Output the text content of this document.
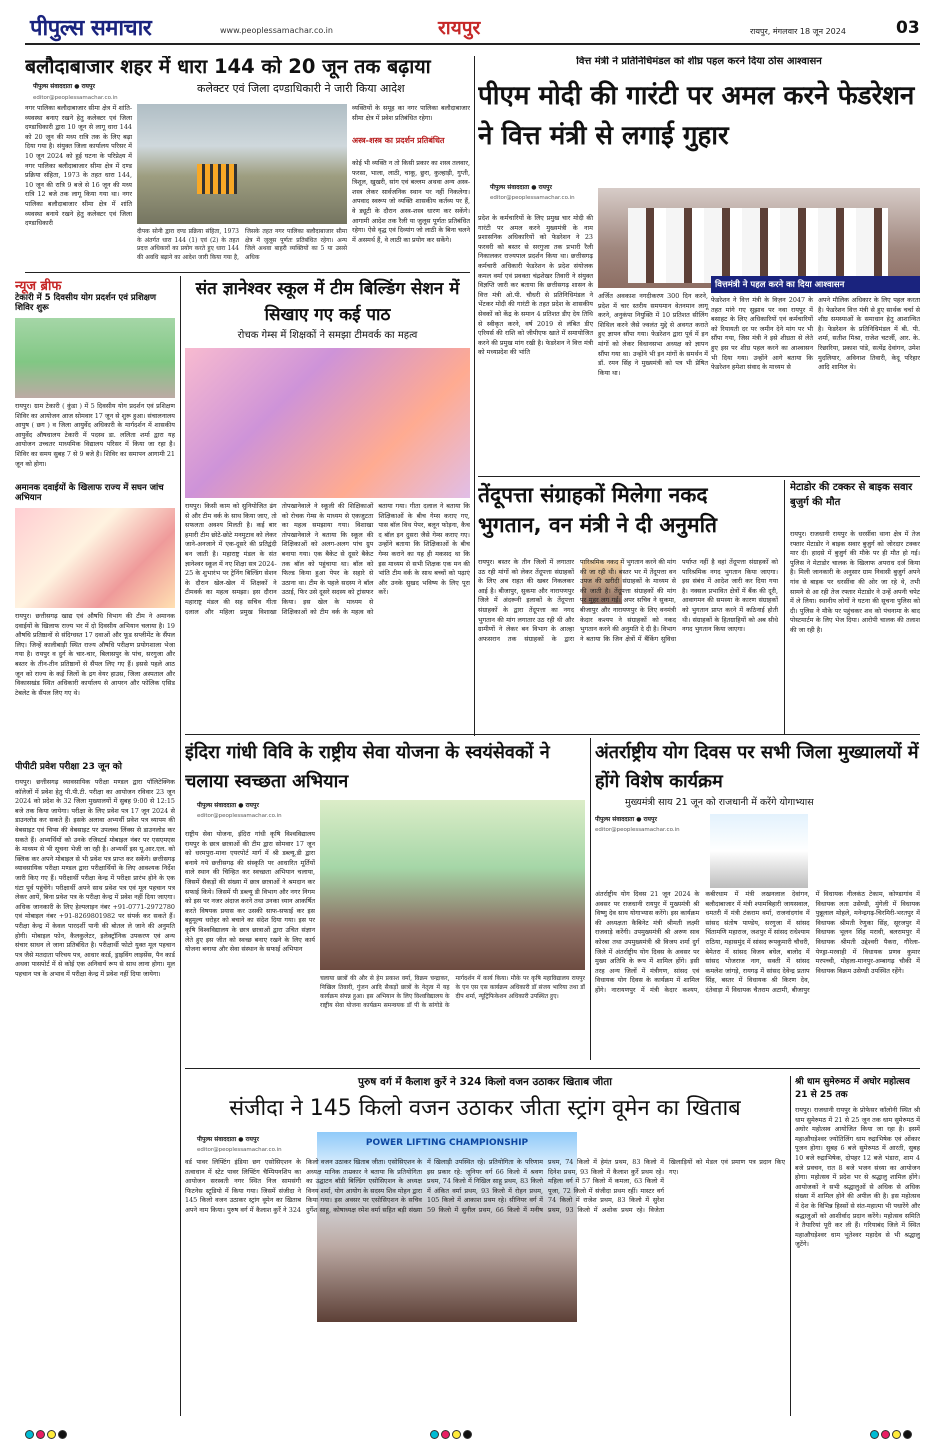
पीपुल्स समाचार	www.peoplessamachar.co.in	रायपुर	रायपुर, मंगलवार 18 जून 2024	03
बलौदाबाजार शहर में धारा 144 को 20 जून तक बढ़ाया
कलेक्टर एवं जिला दण्डाधिकारी ने जारी किया आदेश
पीपुल्स संवाददाता ● रायपुर
editor@peoplessamachar.co.in
नगर पालिका बलौदाबाजार सीमा क्षेत्र में शांति-व्यवस्था बनाए रखने हेतु कलेक्टर एवं जिला दण्डाधिकारी द्वारा 10 जून से लागू धारा 144 को 20 जून की मध्य रात्रि तक के लिए बढ़ा दिया गया है। संयुक्त जिला कार्यालय परिसर में 10 जून 2024 को हुई घटना के परिप्रेक्ष्य में नगर पालिका बलौदाबाजार सीमा क्षेत्र में दण्ड प्रक्रिया संहिता, 1973 के तहत धारा 144, 10 जून की रात्रि 9 बजे से 16 जून की मध्य रात्रि 12 बजे तक लागू किया गया था। नगर पालिका बलौदाबाजार सीमा क्षेत्र में शांति व्यवस्था बनाये रखने हेतु कलेक्टर एवं जिला दण्डाधिकारी
दीपक सोनी द्वारा दण्ड प्रक्रिया संहिता, 1973 के अंतर्गत धारा 144 (1) एवं (2) के तहत प्रदत्त अधिकारों का प्रयोग करते हुए धारा 144 की अवधि बढ़ाने का आदेश जारी किया गया है, जिसके तहत नगर पालिका बलौदाबाजार सीमा क्षेत्र में जुलूस पूर्णतः प्रतिबंधित रहेगा। अन्य जिले अथवा बाहरी व्यक्तियों का 5 या उससे अधिक
व्यक्तियों के समूह का नगर पालिका बलौदाबाजार सीमा क्षेत्र में प्रवेश प्रतिबंधित रहेगा।
अस्त्र-शस्त्र का प्रदर्शन प्रतिबंधित
कोई भी व्यक्ति न तो किसी प्रकार का शस्त्र तलवार, फरसा, भाला, लाठी, चाकू, छुरा, कुल्हाड़ी, गुप्ती, त्रिशूल, खुखरी, सांग एवं बल्लम अथवा अन्य अस्त्र-शस्त्र लेकर सार्वजनिक स्थान पर नहीं निकलेगा। अपवाद स्वरूप जो व्यक्ति शासकीय कर्तव्य पर हैं, वे ड्यूटी के दौरान अस्त्र-शस्त्र धारण कर सकेंगे। आगामी आदेश तक रैली या जुलूस पूर्णतः प्रतिबंधित रहेगा। ऐसे वृद्ध एवं दिव्यांग जो लाठी के बिना चलने में असमर्थ हैं, वे लाठी का प्रयोग कर सकेंगे।
वित्त मंत्री ने प्रतिनिधिमंडल को शीघ्र पहल करने दिया ठोस आश्वासन
पीएम मोदी की गारंटी पर अमल करने फेडरेशन ने वित्त मंत्री से लगाई गुहार
पीपुल्स संवाददाता ● रायपुर
editor@peoplessamachar.co.in
प्रदेश के कर्मचारियों के लिए प्रमुख चार मोदी की गारंटी पर अमल करने मुख्यमंत्री के नाम प्रशासनिक अधिकारियों को फेडरेशन ने 23 फरवरी को बस्तर से सरगुजा तक प्रभारी रैली निकालकर राज्यपाल प्रदर्शन किया था। छत्तीसगढ़ कर्मचारी अधिकारी फेडरेशन के प्रदेश संयोजक कमल वर्मा एवं प्रवक्ता चंद्रशेखर तिवारी ने संयुक्त विज्ञप्ति जारी कर बताया कि छत्तीसगढ़ शासन के वित्त मंत्री ओ.पी. चौधरी से प्रतिनिधिमंडल ने भेंटकर मोदी की गारंटी के तहत प्रदेश के शासकीय सेवकों को केंद्र के समान 4 प्रतिशत डीए देय तिथि से स्वीकृत करने, वर्ष 2019 से लंबित डीए एरियर्स की राशि को जीपीएफ खाते में समायोजित करने की प्रमुख मांग रखी है। फेडरेशन ने वित्त मंत्री को मध्यप्रदेश की भांति
अर्जित अवकाश नगदीकरण 300 दिन करने, प्रदेश में चार स्तरीय समयमान वेतनमान लागू करने, अनुकंपा नियुक्ति में 10 प्रतिशत सीलिंग शिथिल करने जैसे ज्वलंत मुद्दे से अवगत कराते हुए ज्ञापन सौंपा गया। फेडरेशन द्वारा पूर्व में इन मांगों को लेकर विधानसभा अध्यक्ष को ज्ञापन सौंपा गया था। उन्होंने भी इन मांगों के समर्थन में डॉ. रमन सिंह ने मुख्यमंत्री को पत्र भी प्रेषित किया था।
वित्तमंत्री ने पहल करने का दिया आश्वासन
फेडरेशन ने वित्त मंत्री के विज़न 2047 के तहत मांगे गए सुझाव पर नवा रायपुर में बसाहट के लिए अधिकारियों एवं कर्मचारियों को रियायती दर पर जमीन देने मांग पर भी सौंपा गया, जिस मंत्री ने इसे शीघ्रता से लेते हुए इस पर शीघ्र पहल करने का आश्वासन भी दिया गया। उन्होंने आगे बताया कि फेडरेशन हमेशा संवाद के माध्यम से
अपने मौलिक अधिकार के लिए पहल करता है। फेडरेशन वित्त मंत्री से हुए सार्थक चर्चा से शीघ्र समस्याओं के समाधान हेतु आशान्वित है। फेडरेशन के प्रतिनिधिमंडल में बी. पी. शर्मा, सतीश मिश्रा, राजेश चटर्जी, आर. के. रिछारिया, प्रकाश पांडे, सत्येंद्र देवांगन, उमेश मुदलियार, अविनाश तिवारी, केदू परिहार आदि शामिल थे।
न्यूज ब्रीफ
टेकारी में 5 दिवसीय योग प्रदर्शन एवं प्रशिक्षण शिविर शुरू
रायपुर। ग्राम टेकारी ( कुंडा ) में 5 दिवसीय योग प्रदर्शन एवं प्रशिक्षण शिविर का आयोजन आज सोमवार 17 जून से शुरू हुआ। संचालनालय आयुष ( छग ) व जिला आयुर्वेद अधिकारी के मार्गदर्शन में शासकीय आयुर्वेद औषधालय टेकारी में पदस्थ डा. ललिता शर्मा द्वारा यह आयोजन उच्चतर माध्यमिक विद्यालय परिसर में किया जा रहा है। शिविर का समय सुबह 7 से 9 बजे है। शिविर का समापन आगामी 21 जून को होगा।
अमानक दवाईयों के खिलाफ राज्य में सघन जांच अभियान
रायपुर। छत्तीसगढ़ खाद्य एवं औषधि विभाग की टीम ने अमानक दवाईयों के खिलाफ राज्य भर में दो दिवसीय अभियान चलाया है। 19 औषधि प्रतिष्ठानों से संदिग्धस्त 17 दवाओं और फूड सप्लीमेंट के सैंपल लिए। जिन्हें कालीबाड़ी स्थित राज्य औषधि परीक्षण प्रयोगशाला भेजा गया है। रायपुर व दुर्ग के चार-चार, बिलासपुर के पांच, सरगुजा और बस्तर के तीन-तीन प्रतिष्ठानों से सैंपल लिए गए हैं। इससे पहले आठ जून को राज्य के कई जिलों के द्रग वेयर हाउस, जिला अस्पताल और विकासखंड स्थित अधिकारी कार्यालय से आयरन और फोलिक एसिड टेबलेट के सैंपल लिए गए थे।
पीपीटी प्रवेश परीक्षा 23 जून को
रायपुर। छत्तीसगढ़ व्यावसायिक परीक्षा मण्डल द्वारा पॉलिटेक्निक कॉलेजों में प्रवेश हेतु पी.पी.टी. परीक्षा का आयोजन रविवार 23 जून 2024 को प्रदेश के 32 जिला मुख्यालयों में सुबह 9:00 से 12:15 बजे तक किया जायेगा। परीक्षा के लिए प्रवेश पत्र 17 जून 2024 से डाउनलोड कर सकते हैं। इसके अलावा अभ्यर्थी प्रवेश पत्र व्यापम की वेबसाइट एवं चिप्स की वेबसाइट पर उपलब्ध लिंक्स से डाउनलोड कर सकते हैं। अभ्यर्थियों को उनके रजिस्टर्ड मोबाइल नंबर पर एसएमएस के माध्यम से भी सूचना भेजी जा रही है। अभ्यर्थी इस यू.आर.एल. को क्लिक कर अपने मोबाइल से भी प्रवेश पत्र प्राप्त कर सकेंगे। छत्तीसगढ़ व्यावसायिक परीक्षा मण्डल द्वारा परीक्षार्थियों के लिए आवश्यक निर्देश जारी किए गए हैं। परीक्षार्थी परीक्षा केन्द्र में परीक्षा प्रारंभ होने के एक घंटा पूर्व पहुंचेंगे। परीक्षार्थी अपने साथ प्रवेश पत्र एवं मूल पहचान पत्र लेकर आयें, बिना प्रवेश पत्र के परीक्षा केन्द्र में प्रवेश नहीं दिया जाएगा। अधिक जानकारी के लिए हेल्पलाइन नंबर +91-0771-2972780 एवं मोबाइल नंबर +91-8269801982 पर संपर्क कर सकते हैं। परीक्षा केन्द्र में केवल पारदर्शी पानी की बोतल ले जाने की अनुमति होगी। मोबाइल फोन, कैलकुलेटर, इलेक्ट्रॉनिक उपकरण एवं अन्य संचार साधन ले जाना प्रतिबंधित है। परीक्षार्थी फोटो युक्त मूल पहचान पत्र जैसे मतदाता परिचय पत्र, आधार कार्ड, ड्राइविंग लाइसेंस, पैन कार्ड अथवा पासपोर्ट में से कोई एक अनिवार्य रूप से साथ लाना होगा। मूल पहचान पत्र के अभाव में परीक्षा केन्द्र में प्रवेश नहीं दिया जायेगा।
संत ज्ञानेश्वर स्कूल में टीम बिल्डिंग सेशन में सिखाए गए कई पाठ
रोचक गेम्स में शिक्षकों ने समझा टीमवर्क का महत्व
रायपुर। किसी काम को सुनियोजित ढंग से और टीम वर्क के साथ किया जाए, तो सफलता अवश्य मिलती है। कई बार हमारी टीम छोटे-छोटे मनमुटाव को लेकर जाने-अनजाने में एक-दूसरे की प्रतिद्वंदी बन जाती है। महाराष्ट्र मंडल के संत ज्ञानेश्वर स्कूल में नए शिक्षा सत्र 2024-25 के शुभारंभ पर ट्रेनिंग बिल्डिंग सेशन के दौरान खेल-खेल में शिक्षकों ने टीमवर्क का महत्व समझा। इस दौरान महाराष्ट्र मंडल की सह सचिव गीता दलाल और महिला प्रमुख विशाखा तोपखानेवाले ने स्कूली की शिक्षिकाओं को रोचक गेम्स के माध्यम से एकजुटता का महत्व समझाया गया। विशाखा तोपखानेवाले ने बताया कि स्कूल की शिक्षिकाओं को अलग-अलग पांच ग्रुप बनाया गया। एक बैकेट से दूसरे बैकेट तक बॉल को पहुंचाया था। बॉल को फिल्ड किया हुआ पेपर के सहारे से उठाना था। टीम के पहले सदस्य ने बॉल उठाई, फिर उसे दूसरे सदस्य को ट्रांसफर किया। इस खेल के माध्यम से शिक्षिकाओं को टीम वर्क के महत्व को बताया गया। गीता दलाल ने बताया कि शिक्षिकाओं के बीच गेम्स कराए गए, पास बॉल विथ पेपर, बलून फोड़ना, कैच द बॉल इन दुसरा जैसे गेम्स कराए गए। उन्होंने बताया कि शिक्षिकाओं के बीच गेम्स कराने का यह ही मकसद था कि इस माध्यम से सभी शिक्षक एक मन की भांति टीम वर्क के साथ बच्चों को पढ़ाएं और उनके सुखद भविष्य के लिए पूरा करें।
तेंदूपत्ता संग्राहकों मिलेगा नकद भुगतान, वन मंत्री ने दी अनुमति
रायपुर। बस्तर के तीन जिलों में लगातार उठ रही मांगों को लेकर तेंदूपत्ता संग्राहकों के लिए अब राहत की खबर निकलकर आई है। बीजापुर, सुकमा और नारायणपुर जिले में अंदरूनी इलाकों के तेंदूपत्ता संग्राहकों के द्वारा तेंदूपत्ता का नगद भुगतान की मांग लगातार उठ रही थी और ग्रामीणों ने लेकर बन विभाग के आल्हा अफसरान तक संग्राहकों के द्वारा पारिश्रमिक नकद में भुगतान करने की मांग की जा रही थी। बस्तर भर में तेंदूपत्ता वन उपज की खरीदी संग्राहकों के माध्यम से की जाती है। तेंदूपत्ता संग्राहकों की मांग पर मुहर लग गई। अपर सचिव ने सुकमा, बीजापुर और नारायणपुर के लिए वनमंत्री केदार कश्यप ने संग्राहकों को नकद भुगतान करने की अनुमति दे दी है। विभाग ने बताया कि जिन क्षेत्रों में बैंकिंग सुविधा पर्याप्त नहीं है वहां तेंदूपत्ता संग्राहकों को पारिश्रमिक नगद भुगतान किया जाएगा। इस संबंध में आदेश जारी कर दिया गया है। नक्सल प्रभावित क्षेत्रों में बैंक की दूरी, आवागमन की समस्या के कारण संग्राहकों को भुगतान प्राप्त करने में कठिनाई होती थी। संग्राहकों के हितग्राहियों को अब सीधे नगद भुगतान किया जाएगा।
मेटाडोर की टक्कर से बाइक सवार बुजुर्ग की मौत
रायपुर। राजधानी रायपुर के धरसींवा थाना क्षेत्र में तेज रफ्तार मेटाडोर ने बाइक सवार बुजुर्ग को जोरदार टक्कर मार दी। हादसे में बुजुर्ग की मौके पर ही मौत हो गई। पुलिस ने मेटाडोर चालक के खिलाफ अपराध दर्ज किया है। मिली जानकारी के अनुसार ग्राम निवासी बुजुर्ग अपने गांव से बाइक पर धरसींवा की ओर जा रहे थे, तभी सामने से आ रही तेज रफ्तार मेटाडोर ने उन्हें अपनी चपेट में ले लिया। स्थानीय लोगों ने घटना की सूचना पुलिस को दी। पुलिस ने मौके पर पहुंचकर शव को पंचनामा के बाद पोस्टमार्टम के लिए भेज दिया। आरोपी चालक की तलाश की जा रही है।
इंदिरा गांधी विवि के राष्ट्रीय सेवा योजना के स्वयंसेवकों ने चलाया स्वच्छता अभियान
पीपुल्स संवाददाता ● रायपुर
editor@peoplessamachar.co.in
राष्ट्रीय सेवा योजना, इंदिरा गांधी कृषि विश्वविद्यालय रायपुर के छात्र छात्राओं की टीम द्वारा सोमवार 17 जून को धरमपुरा-माना एयरपोर्ट मार्ग में श्री डब्ल्यू.डी द्वारा बनाये गये छत्तीसगढ़ की संस्कृति पर आधारित मूर्तियों वाले स्थान की चिन्हित कर स्वच्छता अभियान चलाया, जिसमें सैकड़ों की संख्या में छात्र छात्राओं ने श्रमदान कर सफाई किये। जिसमें पी डब्ल्यू डी विभाग और नगर निगम को इस पर नजर अंदाज करने तथा उनका ध्यान आकर्षित करते विषयक प्रयास कर उसकी साफ-सफाई कर इस बहुमूल्य धरोहर को बचाने का संदेश दिया गया। इस पर कृषि विश्वविद्यालय के छात्र छात्राओं द्वारा उचित संज्ञान लेते हुए इस जीत को स्वच्छ बनाए रखने के लिए कार्य योजना बनाया और सेवा संस्थान के सफाई अभियान
चलाया छात्रों की और से हेम प्रकाश वर्मा, विक्रम चन्द्राकर, निखिल तिवारी, गुंजन आदि सैकड़ों छात्रों के नेतृत्व में यह कार्यक्रम संपन्न हुआ। इस अभियान के लिए विश्वविद्यालय के राष्ट्रीय सेवा योजना कार्यक्रम समन्वयक डॉ पी के सांगोडे के मार्गदर्शन में कार्य किया। मौके पर कृषि महाविद्यालय रायपुर के एन एस एस कार्यक्रम अधिकारी डॉ संजय भारिया तथा डॉ दीप शर्मा, न्यूट्रिफिकेशन अधिकारी उपस्थित हुए।
अंतर्राष्ट्रीय योग दिवस पर सभी जिला मुख्यालयों में होंगे विशेष कार्यक्रम
मुख्यमंत्री साय 21 जून को राजधानी में करेंगे योगाभ्यास
पीपुल्स संवाददाता ● रायपुर
editor@peoplessamachar.co.in
अंतर्राष्ट्रीय योग दिवस 21 जून 2024 के अवसर पर राजधानी रायपुर में मुख्यमंत्री श्री विष्णु देव साय योगाभ्यास करेंगे। इस कार्यक्रम की अध्यक्षता कैबिनेट मंत्री श्रीमती लक्ष्मी राजवाड़े करेंगी। उपमुख्यमंत्री श्री अरुण साव कोरबा तथा उपमुख्यमंत्री श्री विजय शर्मा दुर्ग जिले में अंतर्राष्ट्रीय योग दिवस के अवसर पर मुख्य अतिथि के रूप में शामिल होंगे। इसी तरह अन्य जिलों में मंत्रीगण, सांसद एवं विधायक योग दिवस के कार्यक्रम में शामिल होंगे। नारायणपुर में मंत्री केदार कश्यप, कबीरधाम में मंत्री लखनलाल देवांगन, बलौदाबाजार में मंत्री श्यामबिहारी जायसवाल, धमतरी में मंत्री टंकराम वर्मा, राजनांदगांव में सांसद संतोष पाण्डेय, सरगुजा में सांसद चिंतामणि महाराज, जशपुर में सांसद राधेश्याम राठिया, महासमुंद में सांसद रूपकुमारी चौधरी, बेमेतरा में सांसद विजय बघेल, बालोद में सांसद भोजराज नाग, सक्ती में सांसद कमलेश जांगड़े, रायगढ़ में सांसद देवेन्द्र प्रताप सिंह, बस्तर में विधायक श्री किरण देव, दंतेवाड़ा में विधायक चैतराम अटामी, बीजापुर में विधायक नीलकंठ टेकाम, कोण्डागांव में विधायक लता उसेण्डी, मुंगेली में विधायक पुन्नूलाल मोहले, मनेन्द्रगढ़-चिरमिरी-भरतपुर में विधायक श्रीमती रेणुका सिंह, सूरजपुर में विधायक भूलन सिंह मरावी, बलरामपुर में विधायक श्रीमती उद्देश्वरी पैकरा, गौरेला-पेण्ड्रा-मरवाही में विधायक प्रणव कुमार मरपच्ची, मोहला-मानपुर-अम्बागढ़ चौकी में विधायक विक्रम उसेण्डी उपस्थित रहेंगे।
पुरुष वर्ग में कैलाश कुर्रे ने 324 किलो वजन उठाकर खिताब जीता
संजीदा ने 145 किलो वजन उठाकर जीता स्ट्रांग वूमेन का खिताब
पीपुल्स संवाददाता ● रायपुर
editor@peoplessamachar.co.in
POWER LIFTING CHAMPIONSHIP
वर्ड पावर लिफ्टिंग इंडिया छग एसोसिएशन के तत्वाधान में स्टेट पावर लिफ्टिंग चैम्पियनशिप का आयोजन सरस्वती नगर स्थित निज सामसंगी फिटनेस स्टूडियो में किया गया। जिसमें संजीदा ने 145 किलो वजन उठाकर स्ट्रांग वूमेन का खिताब अपने नाम किया। पुरुष वर्ग में कैलाश कुर्रे ने 324 किलो वजन उठाकर खिताब जीता। एसोसिएशन के अध्यक्ष मानिक ताम्रकार ने बताया कि प्रतियोगिता का उद्घाटन बॉडी बिल्डिंग एसोसिएशन के अध्यक्ष विनय शर्मा, योग आयोग के सदस्य शिव मोहन द्वारा किया गया। इस अवसर पर एसोसिएशन के सचिव दुर्गेश साहू, कोषाध्यक्ष रमेश वर्मा सहित बड़ी संख्या में खिलाड़ी उपस्थित रहे। प्रतियोगिता के परिणाम इस प्रकार रहे: जूनियर वर्ग 66 किलो में श्रवण प्रथम, 74 किलो में निखिल साहू प्रथम, 83 किलो में अंकित वर्मा प्रथम, 93 किलो में रोहन प्रथम, 105 किलो में आकाश प्रथम रहे। सीनियर वर्ग में 59 किलो में सुनील प्रथम, 66 किलो में मनीष प्रथम, 74 किलो में हेमंत प्रथम, 83 किलो में दिनेश प्रथम, 93 किलो में कैलाश कुर्रे प्रथम रहे। महिला वर्ग में 57 किलो में कमला, 63 किलो में पूजा, 72 किलो में संजीदा प्रथम रहीं। मास्टर वर्ग 74 किलो में राजेश प्रथम, 83 किलो में सुरेश प्रथम, 93 किलो में अशोक प्रथम रहे। विजेता खिलाड़ियों को मेडल एवं प्रमाण पत्र प्रदान किए गए।
श्री धाम सुमेरुमठ में अघोर महोत्सव 21 से 25 तक
रायपुर। राजधानी रायपुर के प्रोफेसर कॉलोनी स्थित श्री धाम सुमेरुमठ में 21 से 25 जून तक धाम सुमेरुमठ में अघोर महोत्सव आयोजित किया जा रहा है। इसमें महाऔघड़ेश्वर ज्योतिलिंग धाम रुद्राभिषेक एवं ओंकार पूजन होगा। सुबह 6 बजे सुमेरुमठ में आरती, सुबह 10 बजे रुद्राभिषेक, दोपहर 12 बजे भंडारा, शाम 4 बजे प्रवचन, रात 8 बजे भजन संध्या का आयोजन होगा। महोत्सव में प्रदेश भर से श्रद्धालु शामिल होंगे। आयोजकों ने सभी श्रद्धालुओं से अधिक से अधिक संख्या में शामिल होने की अपील की है। इस महोत्सव में देश के विभिन्न हिस्सों से संत-महात्मा भी पधारेंगे और श्रद्धालुओं को आशीर्वाद प्रदान करेंगे। महोत्सव समिति ने तैयारियां पूरी कर ली हैं। गरियाबंद जिले में स्थित महाऔघड़ेश्वर धाम भूतेश्वर महादेव से भी श्रद्धालु जुटेंगे।
